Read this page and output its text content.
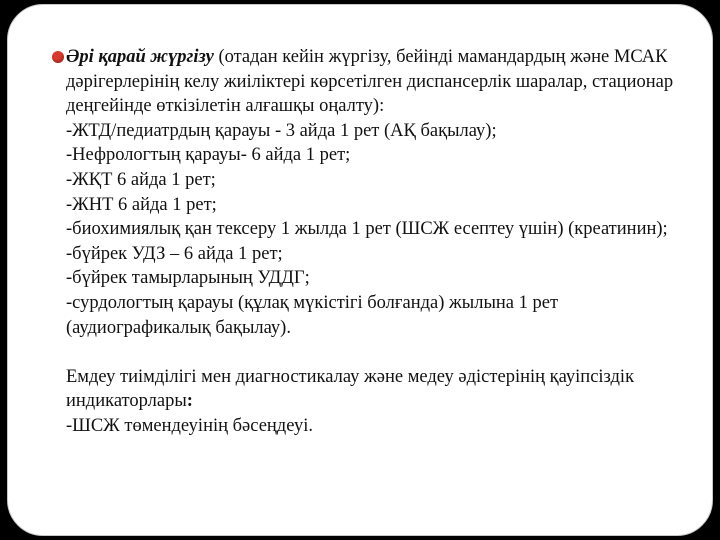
Әрі қарай жүргізу (отадан кейін жүргізу, бейінді мамандардың және МСАК дәрігерлерінің келу жиіліктері көрсетілген диспансерлік шаралар, стационар деңгейінде өткізілетін алғашқы оңалту):

-ЖТД/педиатрдың қарауы - 3 айда 1 рет (АҚ бақылау);
-Нефрологтың қарауы- 6 айда 1 рет;
-ЖҚТ 6 айда 1 рет;
-ЖНТ 6 айда 1 рет;
-биохимиялық қан тексеру 1 жылда 1 рет (ШСЖ есептеу үшін) (креатинин);
-бүйрек УДЗ – 6 айда 1 рет;
-бүйрек тамырларының УДДГ;
-сурдологтың қарауы (құлақ мүкістігі болғанда) жылына 1 рет (аудиографикалық бақылау).

Емдеу тиімділігі мен диагностикалау және медеу әдістерінің қауіпсіздік индикаторлары:

-ШСЖ төмендеуінің бәсеңдеуі.
